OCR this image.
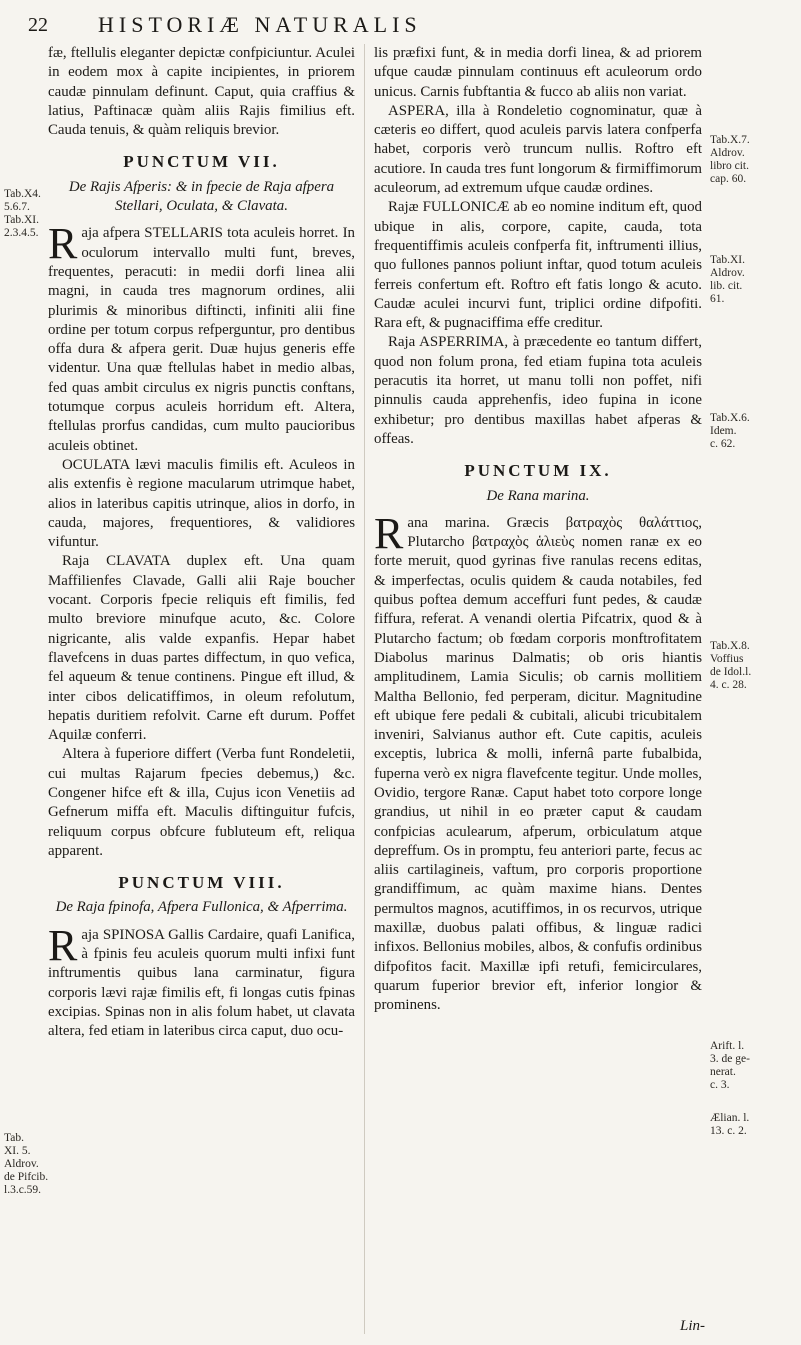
22 HISTORIÆ NATURALIS

fæ, ftellulis eleganter depictæ confpiciuntur. Aculei in eodem mox à capite incipientes, in priorem caudæ pinnulam definunt. Caput, quia craffius & latius, Paftinacæ quàm aliis Rajis fimilius eft. Cauda tenuis, & quàm reliquis brevior.

PUNCTUM VII.

De Rajis Afperis: & in fpecie de Raja afpera Stellari, Oculata, & Clavata.

Raja afpera STELLARIS tota aculeis horret. In oculorum intervallo multi funt, breves, frequentes, peracuti: in medii dorfi linea alii magni, in cauda tres magnorum ordines, alii plurimis & minoribus diftincti, infiniti alii fine ordine per totum corpus refperguntur, pro dentibus offa dura & afpera gerit. Duæ hujus generis effe videntur. Una quæ ftellulas habet in medio albas, fed quas ambit circulus ex nigris punctis conftans, totumque corpus aculeis horridum eft. Altera, ftellulas prorfus candidas, cum multo paucioribus aculeis obtinet.

OCULATA lævi maculis fimilis eft. Aculeos in alis extenfis è regione macularum utrimque habet, alios in lateribus capitis utrinque, alios in dorfo, in cauda, majores, frequentiores, & validiores vifuntur.

Raja CLAVATA duplex eft. Una quam Maffilienfes Clavade, Galli alii Raje boucher vocant. Corporis fpecie reliquis eft fimilis, fed multo breviore minufque acuto, &c. Colore nigricante, alis valde expanfis. Hepar habet flavefcens in duas partes diffectum, in quo vefica, fel aqueum & tenue continens. Pingue eft illud, & inter cibos delicatiffimos, in oleum refolutum, hepatis duritiem refolvit. Carne eft durum. Poffet Aquilæ conferri.

Altera à fuperiore differt (Verba funt Rondeletii, cui multas Rajarum fpecies debemus,) &c. Congener hifce eft & illa, Cujus icon Venetiis ad Gefnerum miffa eft. Maculis diftinguitur fufcis, reliquum corpus obfcure fubluteum eft, reliqua apparent.

PUNCTUM VIII.

De Raja fpinofa, Afpera Fullonica, & Afperrima.

Raja SPINOSA Gallis Cardaire, quafi Lanifica, à fpinis feu aculeis quorum multi infixi funt inftrumentis quibus lana carminatur, figura corporis lævi rajæ fimilis eft, fi longas cutis fpinas excipias. Spinas non in alis folum habet, ut clavata altera, fed etiam in lateribus circa caput, duo ocu-

lis præfixi funt, & in media dorfi linea, & ad priorem ufque caudæ pinnulam continuus eft aculeorum ordo unicus. Carnis fubftantia & fucco ab aliis non variat.

ASPERA, illa à Rondeletio cognominatur, quæ à cæteris eo differt, quod aculeis parvis latera confperfa habet, corporis verò truncum nullis. Roftro eft acutiore. In cauda tres funt longorum & firmiffimorum aculeorum, ad extremum ufque caudæ ordines.

Rajæ FULLONICÆ ab eo nomine inditum eft, quod ubique in alis, corpore, capite, cauda, tota frequentiffimis aculeis confperfa fit, inftrumenti illius, quo fullones pannos poliunt inftar, quod totum aculeis ferreis confertum eft. Roftro eft fatis longo & acuto. Caudæ aculei incurvi funt, triplici ordine difpofiti. Rara eft, & pugnaciffima effe creditur.

Raja ASPERRIMA, à præcedente eo tantum differt, quod non folum prona, fed etiam fupina tota aculeis peracutis ita horret, ut manu tolli non poffet, nifi pinnulis cauda apprehenfis, ideo fupina in icone exhibetur; pro dentibus maxillas habet afperas & offeas.

PUNCTUM IX.

De Rana marina.

Rana marina. Græcis βατραχὸς θαλάττιος, Plutarcho βατραχὸς ἁλιεὺς nomen ranæ ex eo forte meruit, quod gyrinas five ranulas recens editas, & imperfectas, oculis quidem & cauda notabiles, fed quibus poftea demum acceffuri funt pedes, & caudæ fiffura, referat. A venandi olertia Pifcatrix, quod & à Plutarcho factum; ob fœdam corporis monftrofitatem Diabolus marinus Dalmatis; ob oris hiantis amplitudinem, Lamia Siculis; ob carnis mollitiem Maltha Bellonio, fed perperam, dicitur. Magnitudine eft ubique fere pedali & cubitali, alicubi tricubitalem inveniri, Salvianus author eft. Cute capitis, aculeis exceptis, lubrica & molli, infernâ parte fubalbida, fuperna verò ex nigra flavefcente tegitur. Unde molles, Ovidio, tergore Ranæ. Caput habet toto corpore longe grandius, ut nihil in eo præter caput & caudam confpicias aculearum, afperum, orbiculatum atque depreffum. Os in promptu, feu anteriori parte, fecus ac aliis cartilagineis, vaftum, pro corporis proportione grandiffimum, ac quàm maxime hians. Dentes permultos magnos, acutiffimos, in os recurvos, utrique maxillæ, duobus palati offibus, & linguæ radici infixos. Bellonius mobiles, albos, & confufis ordinibus difpofitos facit. Maxillæ ipfi retufi, femicirculares, quarum fuperior brevior eft, inferior longior & prominens.

Tab.X4.
5.6.7.
Tab.XI.
2.3.4.5.
Tab.
XI. 5.
Aldrov.
de Pifcib.
l.3.c.59.
Tab.X.7.
Aldrov.
libro cit.
cap. 60.
Tab.XI.
Aldrov.
lib. cit.
61.
Tab.X.6.
Idem.
c. 62.
Tab.X.8.
Voffius
de Idol.l.
4. c. 28.
Arift. l.
3. de ge-
nerat.
c. 3.
Ælian. l.
13. c. 2.
Lin-
